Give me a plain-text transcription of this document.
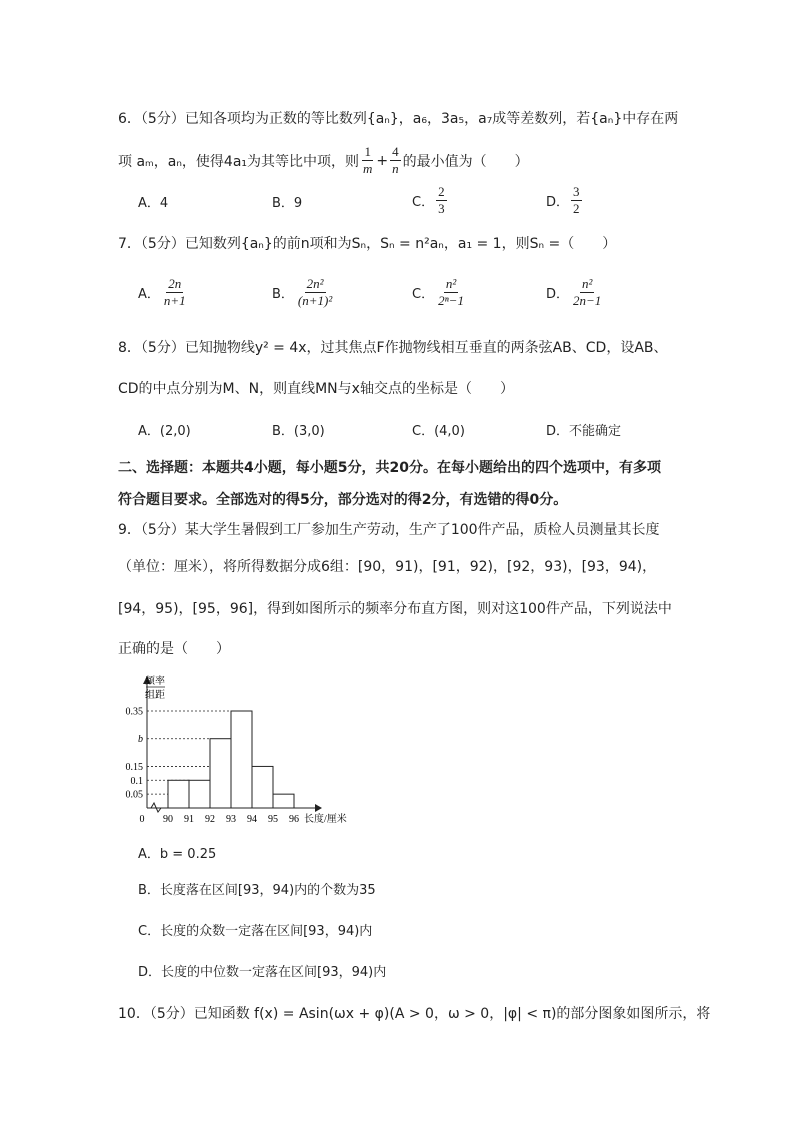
6．（5分）已知各项均为正数的等比数列{aₙ}，a₆，3a₅，a₇成等差数列，若{aₙ}中存在两
项 aₘ，aₙ，使得4a₁为其等比中项，则 $\frac{1}{m} + \frac{4}{n}$ 的最小值为（　　）
A．4	B．9	C． $\frac{2}{3}$	D． $\frac{3}{2}$
7．（5分）已知数列{aₙ}的前n项和为Sₙ，Sₙ = n²aₙ，a₁ = 1，则Sₙ =（　　）
A． $\frac{2n}{n+1}$	B． $\frac{\text{2n²}}{\text{(n+1)²}}$	C． $\frac{\text{n²}}{\text{2ⁿ−1}}$	D． $\frac{\text{n²}}{2n-1}$
8．（5分）已知抛物线y² = 4x，过其焦点F作抛物线相互垂直的两条弦AB、CD，设AB、
CD的中点分别为M、N，则直线MN与x轴交点的坐标是（　　）
A．(2,0)	B．(3,0)	C．(4,0)	D．不能确定
二、选择题：本题共4小题，每小题5分，共20分。在每小题给出的四个选项中，有多项
符合题目要求。全部选对的得5分，部分选对的得2分，有选错的得0分。
9．（5分）某大学生暑假到工厂参加生产劳动，生产了100件产品，质检人员测量其长度
（单位：厘米），将所得数据分成6组：[90，91)，[91，92)，[92，93)，[93，94)，
[94，95)，[95，96]，得到如图所示的频率分布直方图，则对这100件产品，下列说法中
正确的是（　　）
频率
组距
0.35
b
0.15
0.1
0.05
90 91 92 93 94 95 96
0	长度/厘米
A．b = 0.25
B．长度落在区间[93，94)内的个数为35
C．长度的众数一定落在区间[93，94)内
D．长度的中位数一定落在区间[93，94)内
10．（5分）已知函数 f(x) = Asin(ωx + φ)(A > 0，ω > 0，|φ| < π)的部分图象如图所示，将
